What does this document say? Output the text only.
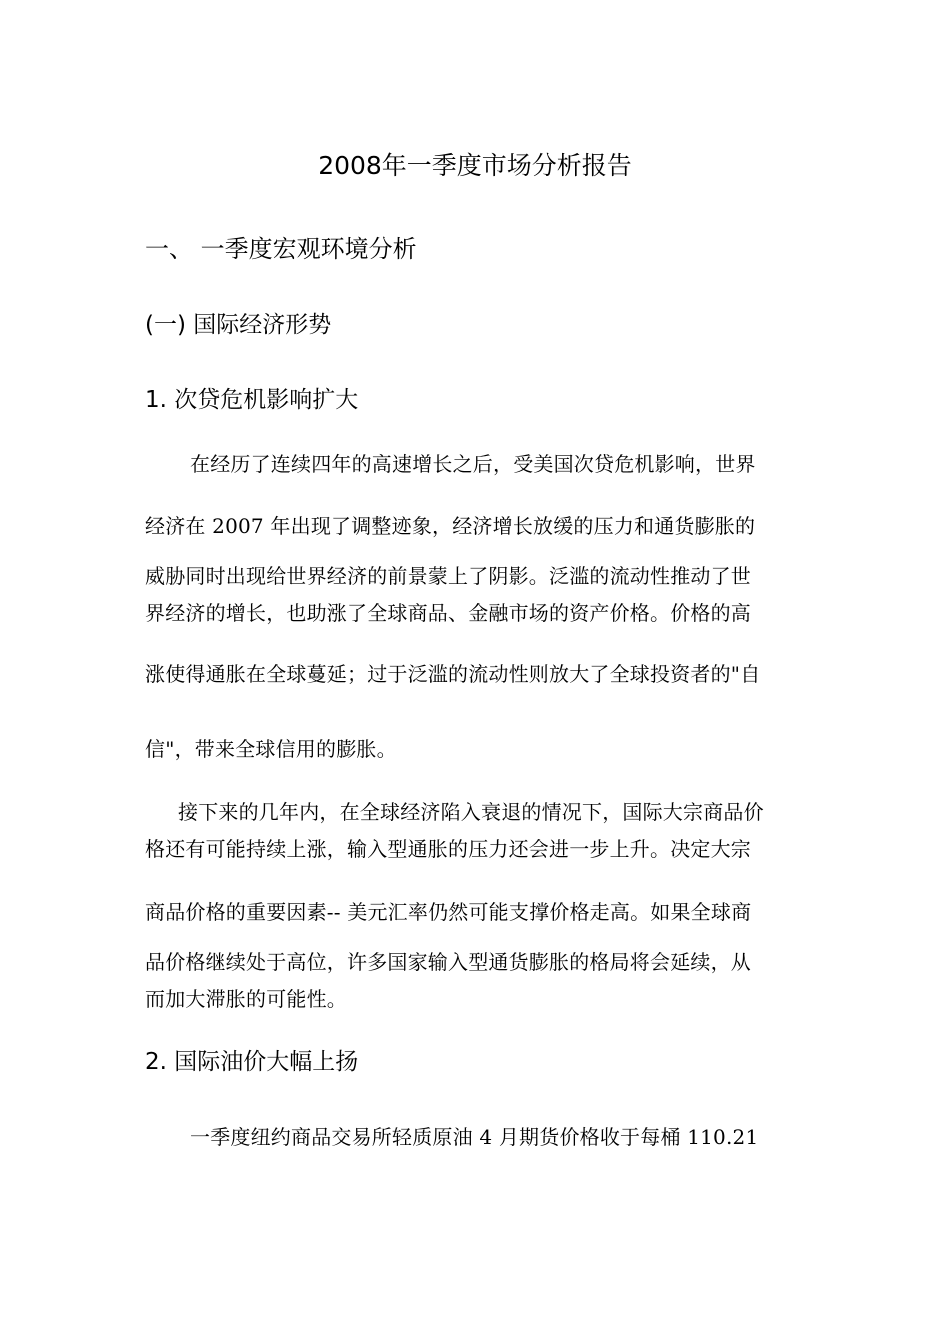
2008年一季度市场分析报告

一、 一季度宏观环境分析

(一) 国际经济形势

1. 次贷危机影响扩大

在经历了连续四年的高速增长之后，受美国次贷危机影响，世界

经济在 2007 年出现了调整迹象，经济增长放缓的压力和通货膨胀的

威胁同时出现给世界经济的前景蒙上了阴影。泛滥的流动性推动了世

界经济的增长，也助涨了全球商品、金融市场的资产价格。价格的高

涨使得通胀在全球蔓延；过于泛滥的流动性则放大了全球投资者的"自

信"，带来全球信用的膨胀。

接下来的几年内，在全球经济陷入衰退的情况下，国际大宗商品价

格还有可能持续上涨，输入型通胀的压力还会进一步上升。决定大宗

商品价格的重要因素-- 美元汇率仍然可能支撑价格走高。如果全球商

品价格继续处于高位，许多国家输入型通货膨胀的格局将会延续，从

而加大滞胀的可能性。

2. 国际油价大幅上扬

一季度纽约商品交易所轻质原油 4 月期货价格收于每桶 110.21
